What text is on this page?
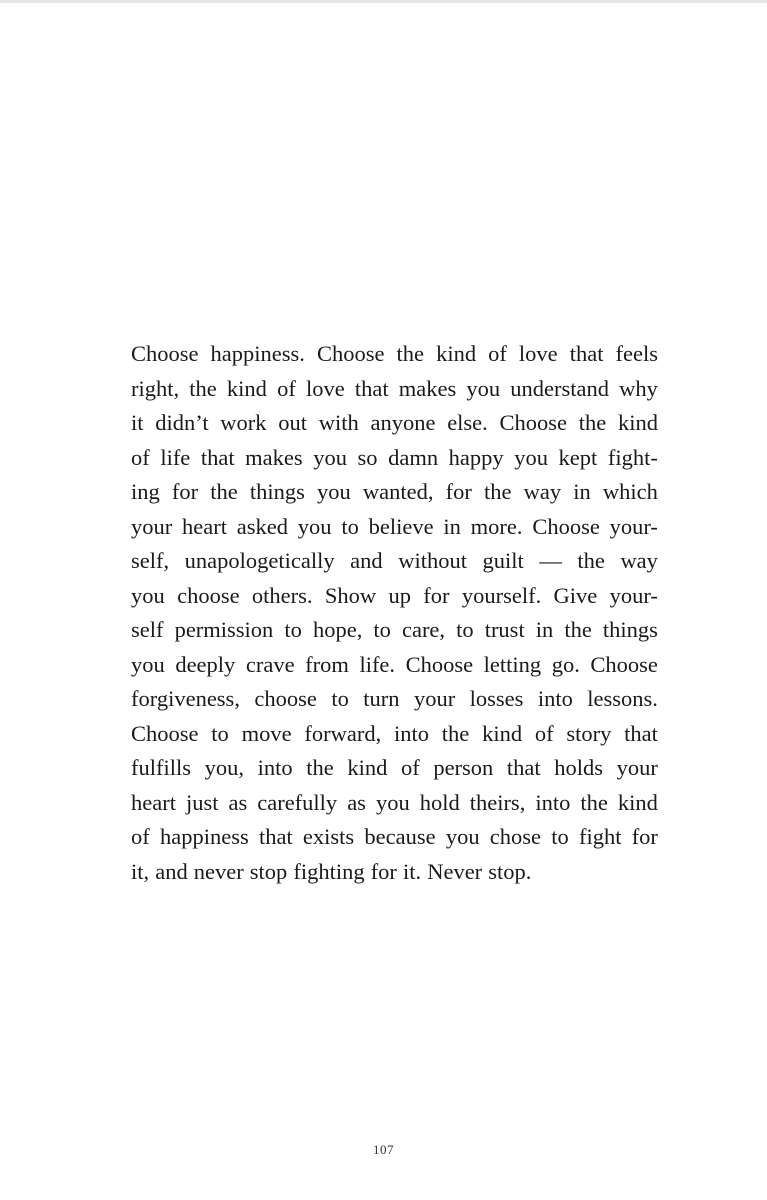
Choose happiness. Choose the kind of love that feels
right, the kind of love that makes you understand why
it didn’t work out with anyone else. Choose the kind
of life that makes you so damn happy you kept fight-
ing for the things you wanted, for the way in which
your heart asked you to believe in more. Choose your-
self, unapologetically and without guilt — the way
you choose others. Show up for yourself. Give your-
self permission to hope, to care, to trust in the things
you deeply crave from life. Choose letting go. Choose
forgiveness, choose to turn your losses into lessons.
Choose to move forward, into the kind of story that
fulfills you, into the kind of person that holds your
heart just as carefully as you hold theirs, into the kind
of happiness that exists because you chose to fight for
it, and never stop fighting for it. Never stop.
107
